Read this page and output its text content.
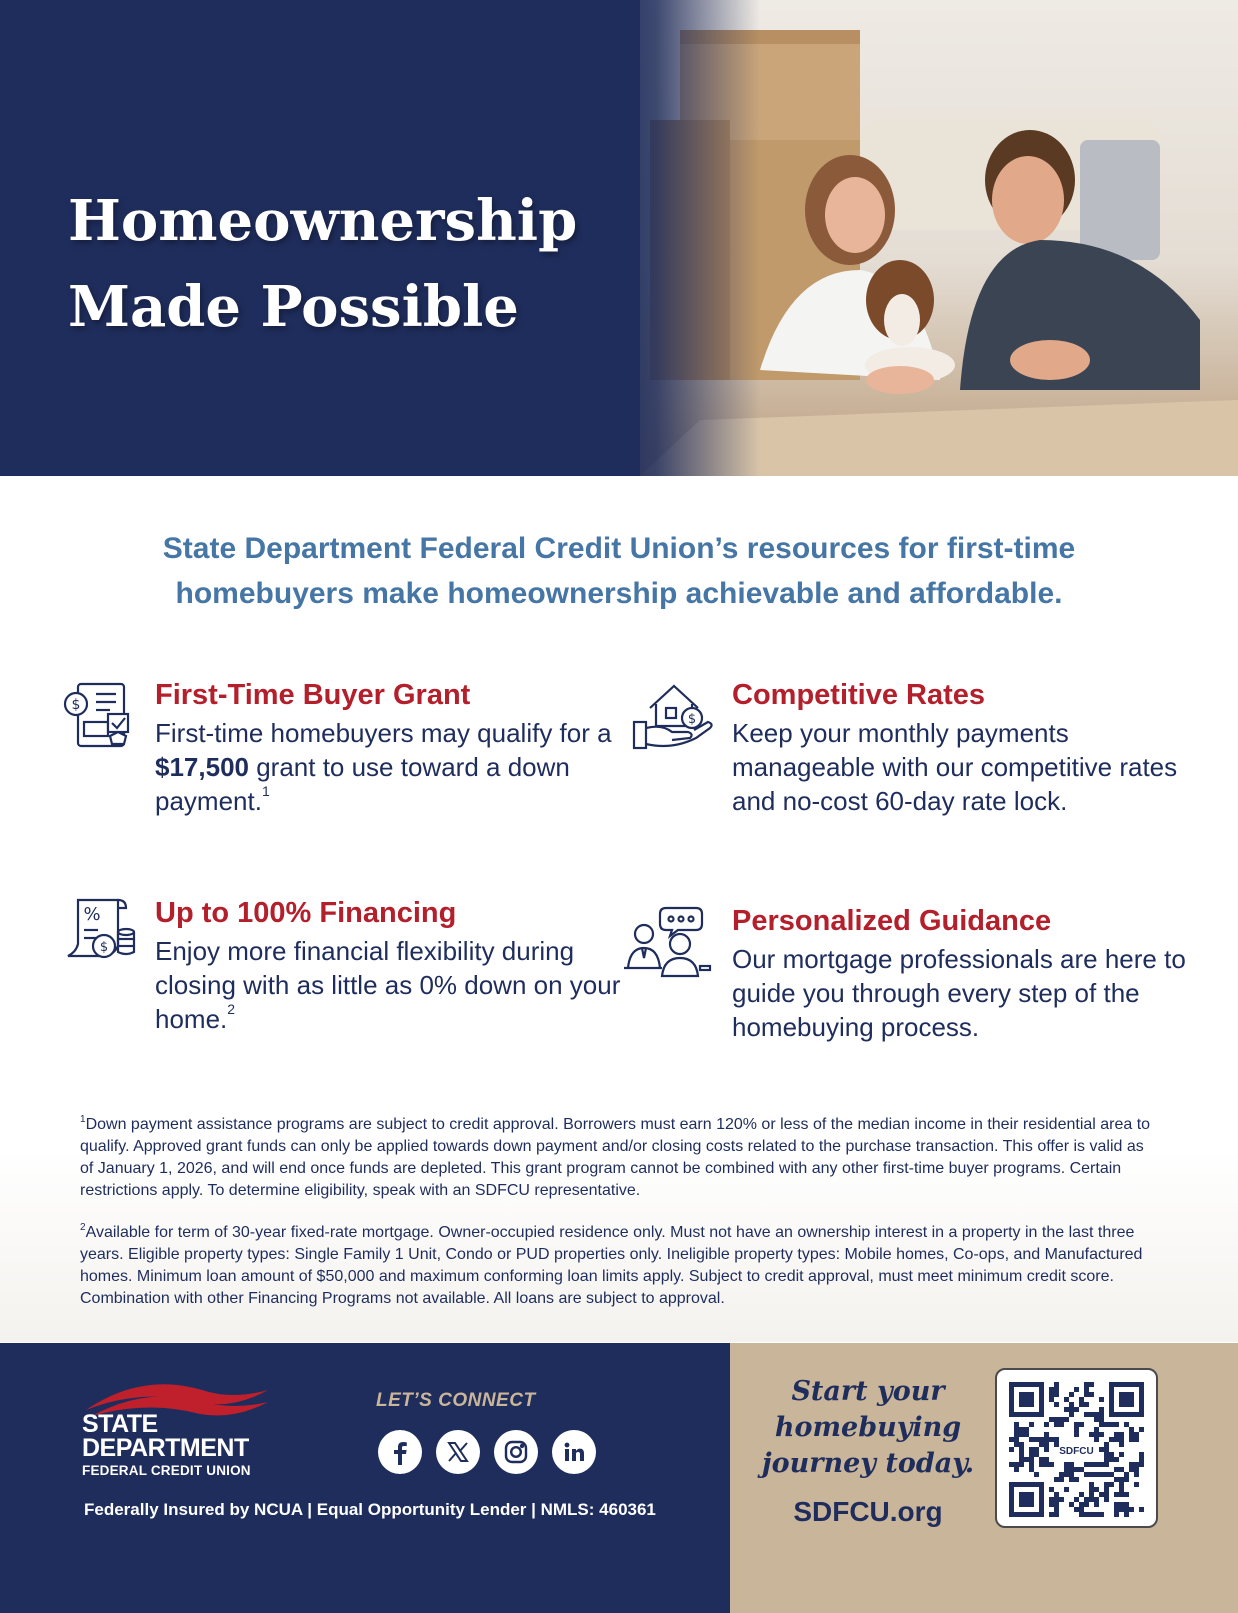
Homeownership
Made Possible

State Department Federal Credit Union’s resources for first-time homebuyers make homeownership achievable and affordable.

$	First-Time Buyer Grant

First-time homebuyers may qualify for a $17,500 grant to use toward a down payment.$^1$

$
Competitive Rates

Keep your monthly payments manageable with our competitive rates and no-cost 60-day rate lock.

%
$
Up to 100% Financing

Enjoy more financial flexibility during closing with as little as 0% down on your home.$^2$

Personalized Guidance

Our mortgage professionals are here to guide you through every step of the homebuying process.

$^1$Down payment assistance programs are subject to credit approval. Borrowers must earn 120% or less of the median income in their residential area to qualify. Approved grant funds can only be applied towards down payment and/or closing costs related to the purchase transaction. This offer is valid as of January 1, 2026, and will end once funds are depleted. This grant program cannot be combined with any other first-time buyer programs. Certain restrictions apply. To determine eligibility, speak with an SDFCU representative.

$^2$Available for term of 30-year fixed-rate mortgage. Owner-occupied residence only. Must not have an ownership interest in a property in the last three years. Eligible property types: Single Family 1 Unit, Condo or PUD properties only. Ineligible property types: Mobile homes, Co-ops, and Manufactured homes. Minimum loan amount of $50,000 and maximum conforming loan limits apply. Subject to credit approval, must meet minimum credit score. Combination with other Financing Programs not available. All loans are subject to approval.

STATE
DEPARTMENT
FEDERAL CREDIT UNION
LET’S CONNECT
Federally Insured by NCUA | Equal Opportunity Lender | NMLS: 460361
Start your
homebuying
journey today.
SDFCU.org
SDFCU
